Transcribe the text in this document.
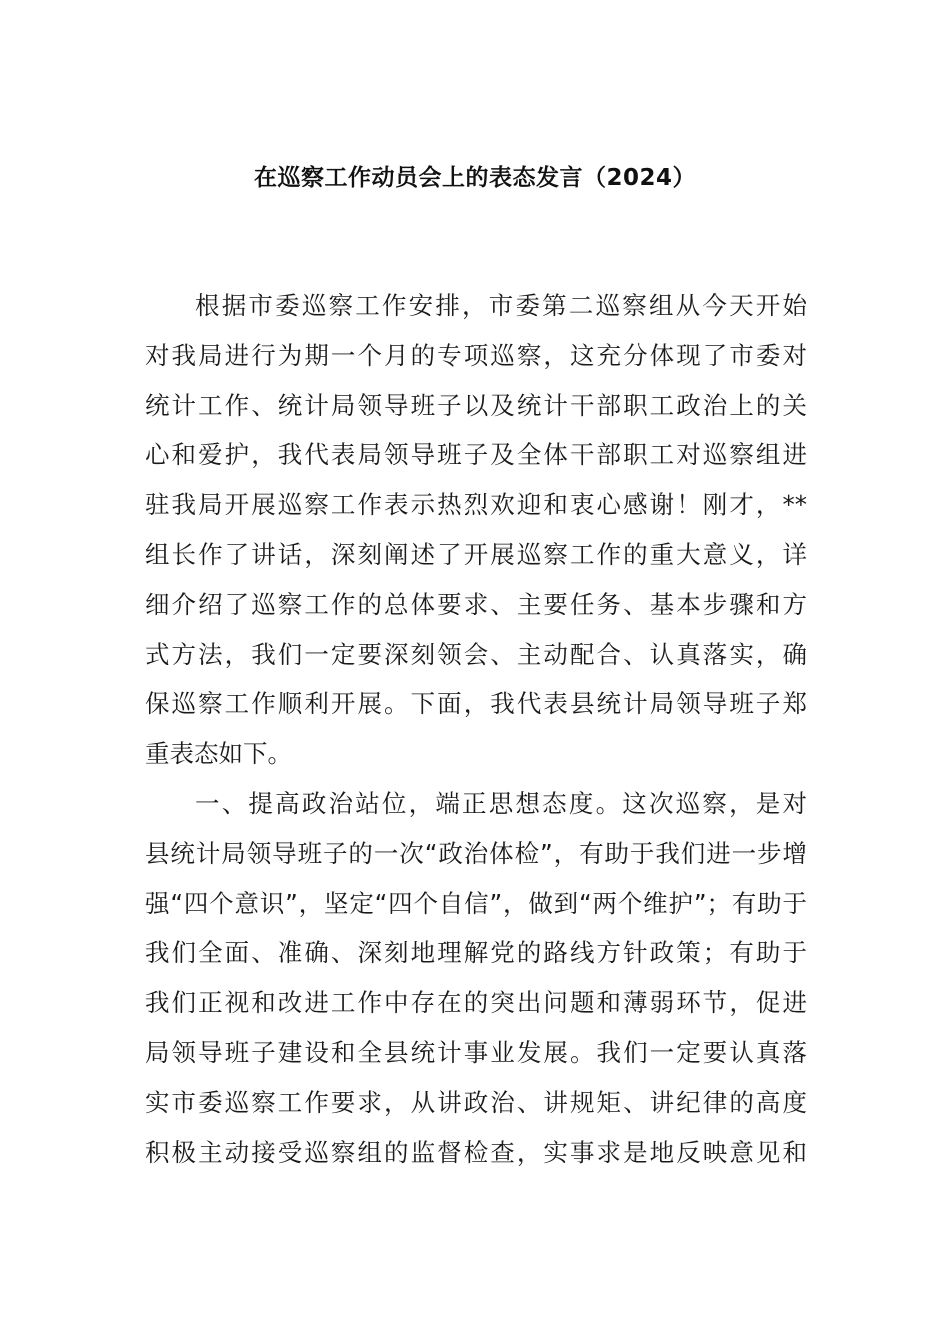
在巡察工作动员会上的表态发言（2024）
根据市委巡察工作安排，市委第二巡察组从今天开始
对我局进行为期一个月的专项巡察，这充分体现了市委对
统计工作、统计局领导班子以及统计干部职工政治上的关
心和爱护，我代表局领导班子及全体干部职工对巡察组进
驻我局开展巡察工作表示热烈欢迎和衷心感谢！刚才，**
组长作了讲话，深刻阐述了开展巡察工作的重大意义，详
细介绍了巡察工作的总体要求、主要任务、基本步骤和方
式方法，我们一定要深刻领会、主动配合、认真落实，确
保巡察工作顺利开展。下面，我代表县统计局领导班子郑
重表态如下。
一、提高政治站位，端正思想态度。这次巡察，是对
县统计局领导班子的一次“政治体检”，有助于我们进一步增
强“四个意识”，坚定“四个自信”，做到“两个维护”；有助于
我们全面、准确、深刻地理解党的路线方针政策；有助于
我们正视和改进工作中存在的突出问题和薄弱环节，促进
局领导班子建设和全县统计事业发展。我们一定要认真落
实市委巡察工作要求，从讲政治、讲规矩、讲纪律的高度
积极主动接受巡察组的监督检查，实事求是地反映意见和
